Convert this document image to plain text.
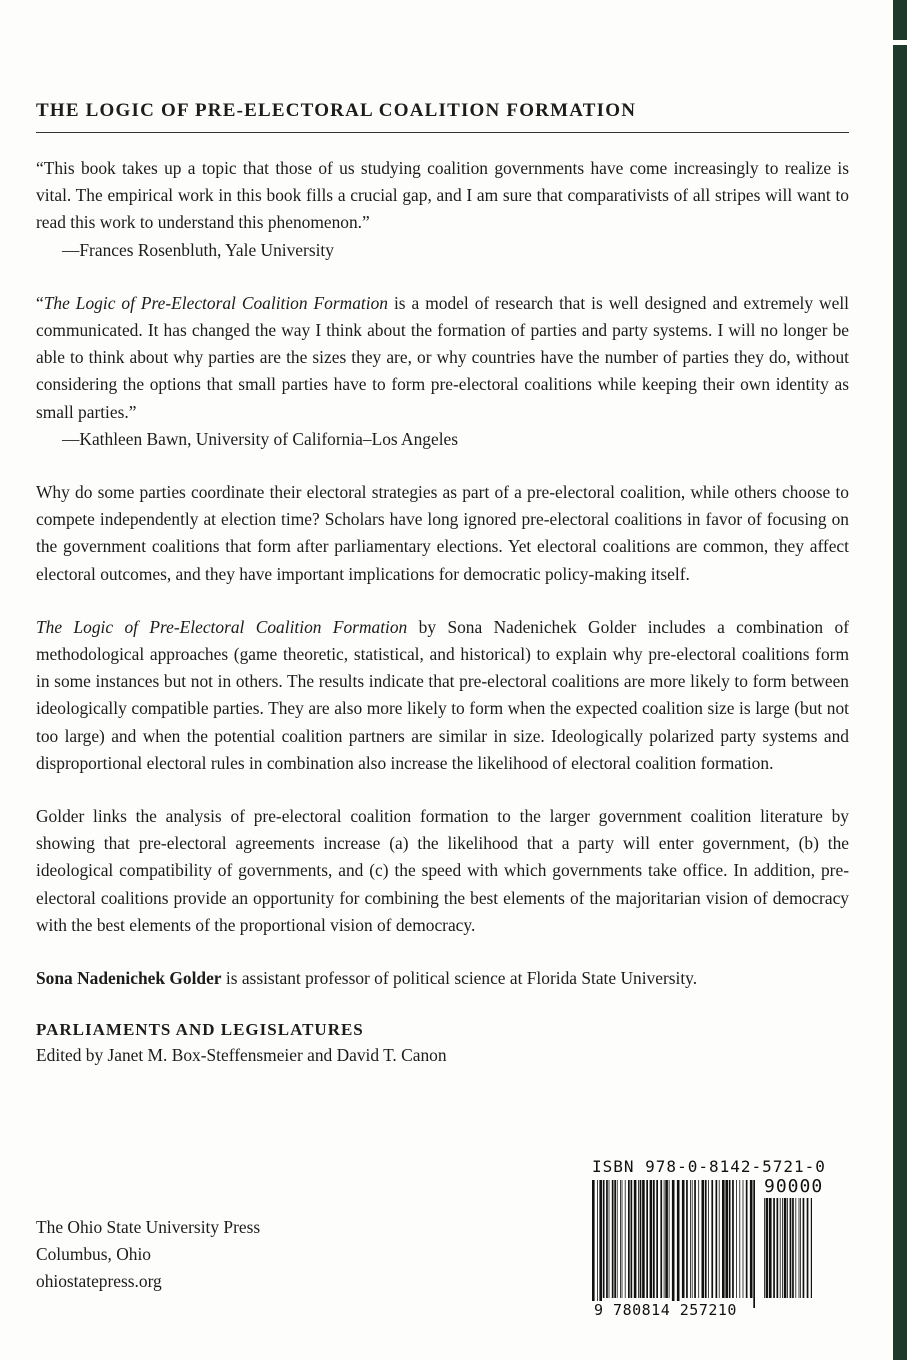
THE LOGIC OF PRE-ELECTORAL COALITION FORMATION

“This book takes up a topic that those of us studying coalition governments have come increasingly to realize is vital. The empirical work in this book fills a crucial gap, and I am sure that comparativists of all stripes will want to read this work to understand this phenomenon.”
—Frances Rosenbluth, Yale University

“The Logic of Pre-Electoral Coalition Formation is a model of research that is well designed and extremely well communicated. It has changed the way I think about the formation of parties and party systems. I will no longer be able to think about why parties are the sizes they are, or why countries have the number of parties they do, without considering the options that small parties have to form pre-electoral coalitions while keeping their own identity as small parties.”
—Kathleen Bawn, University of California–Los Angeles

Why do some parties coordinate their electoral strategies as part of a pre-electoral coalition, while others choose to compete independently at election time? Scholars have long ignored pre-electoral coalitions in favor of focusing on the government coalitions that form after parliamentary elections. Yet electoral coalitions are common, they affect electoral outcomes, and they have important implications for democratic policy-making itself.

The Logic of Pre-Electoral Coalition Formation by Sona Nadenichek Golder includes a combination of methodological approaches (game theoretic, statistical, and historical) to explain why pre-electoral coalitions form in some instances but not in others. The results indicate that pre-electoral coalitions are more likely to form between ideologically compatible parties. They are also more likely to form when the expected coalition size is large (but not too large) and when the potential coalition partners are similar in size. Ideologically polarized party systems and disproportional electoral rules in combination also increase the likelihood of electoral coalition formation.

Golder links the analysis of pre-electoral coalition formation to the larger government coalition literature by showing that pre-electoral agreements increase (a) the likelihood that a party will enter government, (b) the ideological compatibility of governments, and (c) the speed with which governments take office. In addition, pre-electoral coalitions provide an opportunity for combining the best elements of the majoritarian vision of democracy with the best elements of the proportional vision of democracy.

Sona Nadenichek Golder is assistant professor of political science at Florida State University.

PARLIAMENTS AND LEGISLATURES
Edited by Janet M. Box-Steffensmeier and David T. Canon
The Ohio State University Press
Columbus, Ohio
ohiostatepress.org
ISBN 978-0-8142-5721-0
90000
9 780814 257210
